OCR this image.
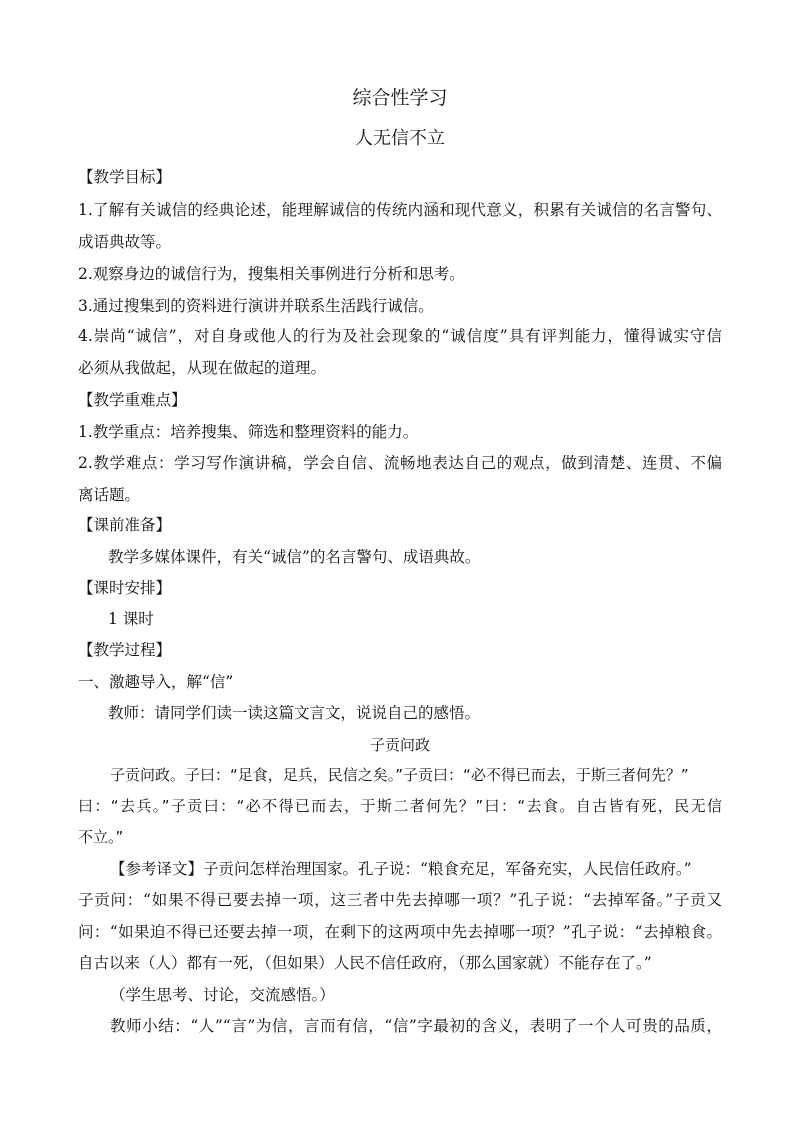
综合性学习
人无信不立
【教学目标】
1.了解有关诚信的经典论述，能理解诚信的传统内涵和现代意义，积累有关诚信的名言警句、
成语典故等。
2.观察身边的诚信行为，搜集相关事例进行分析和思考。
3.通过搜集到的资料进行演讲并联系生活践行诚信。
4.崇尚“诚信”，对自身或他人的行为及社会现象的“诚信度”具有评判能力，懂得诚实守信
必须从我做起，从现在做起的道理。
【教学重难点】
1.教学重点：培养搜集、筛选和整理资料的能力。
2.教学难点：学习写作演讲稿，学会自信、流畅地表达自己的观点，做到清楚、连贯、不偏
离话题。
【课前准备】
教学多媒体课件，有关“诚信”的名言警句、成语典故。
【课时安排】
1 课时
【教学过程】
一、激趣导入，解“信”
教师：请同学们读一读这篇文言文，说说自己的感悟。
子贡问政
子贡问政。子曰：“足食，足兵，民信之矣。”子贡曰：“必不得已而去，于斯三者何先？”
曰：“去兵。”子贡曰：“必不得已而去，于斯二者何先？”曰：“去食。自古皆有死，民无信
不立。”
【参考译文】子贡问怎样治理国家。孔子说：“粮食充足，军备充实，人民信任政府。”
子贡问：“如果不得已要去掉一项，这三者中先去掉哪一项？”孔子说：“去掉军备。”子贡又
问：“如果迫不得已还要去掉一项，在剩下的这两项中先去掉哪一项？”孔子说：“去掉粮食。
自古以来（人）都有一死，（但如果）人民不信任政府，（那么国家就）不能存在了。”
（学生思考、讨论，交流感悟。）
教师小结：“人”“言”为信，言而有信，“信”字最初的含义，表明了一个人可贵的品质，
